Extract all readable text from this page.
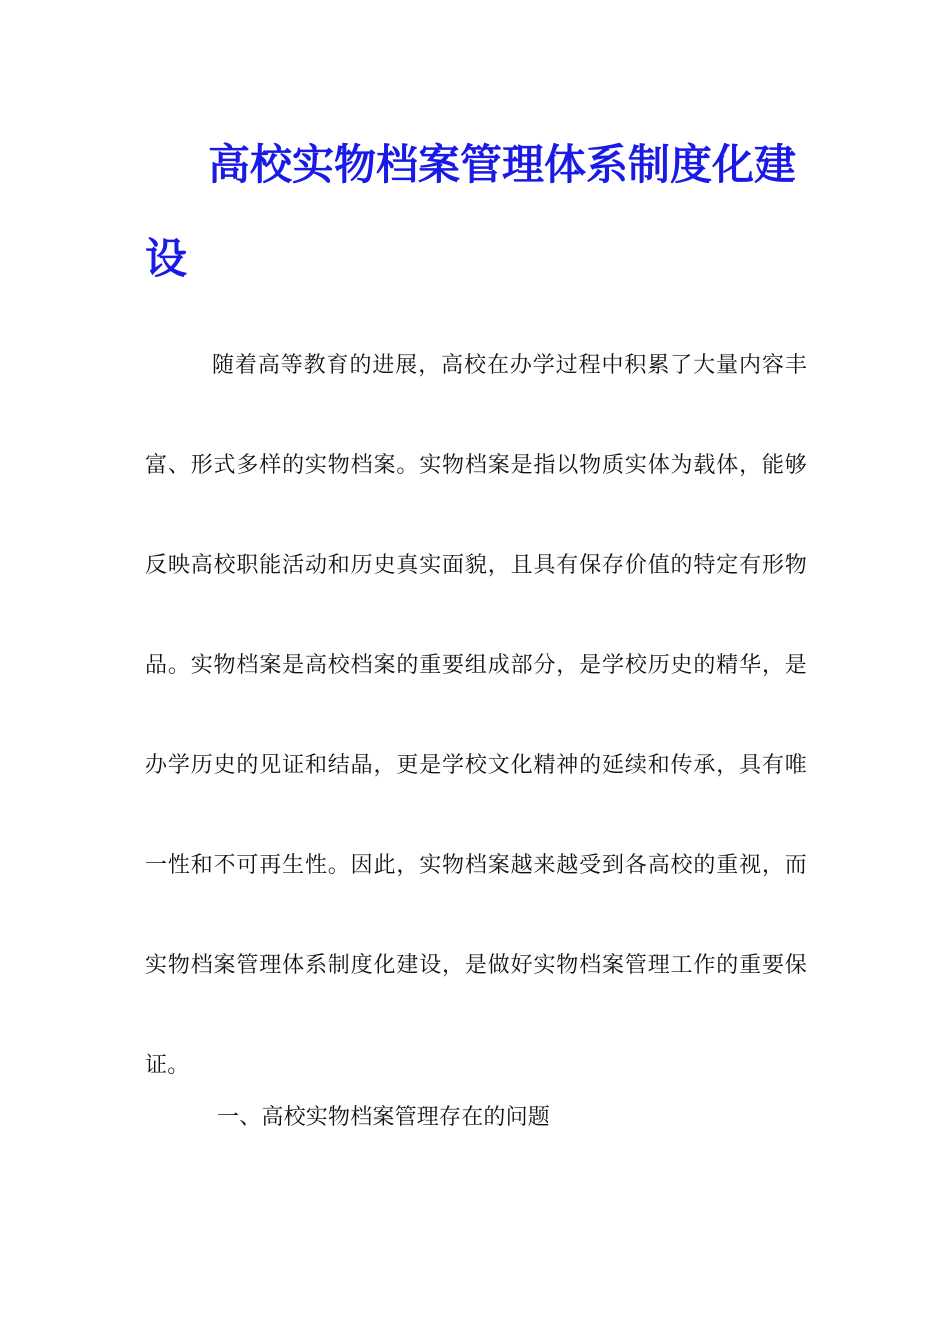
高校实物档案管理体系制度化建设

随着高等教育的进展，高校在办学过程中积累了大量内容丰富、形式多样的实物档案。实物档案是指以物质实体为载体，能够反映高校职能活动和历史真实面貌，且具有保存价值的特定有形物品。实物档案是高校档案的重要组成部分，是学校历史的精华，是办学历史的见证和结晶，更是学校文化精神的延续和传承，具有唯一性和不可再生性。因此，实物档案越来越受到各高校的重视，而实物档案管理体系制度化建设，是做好实物档案管理工作的重要保证。

一、高校实物档案管理存在的问题
